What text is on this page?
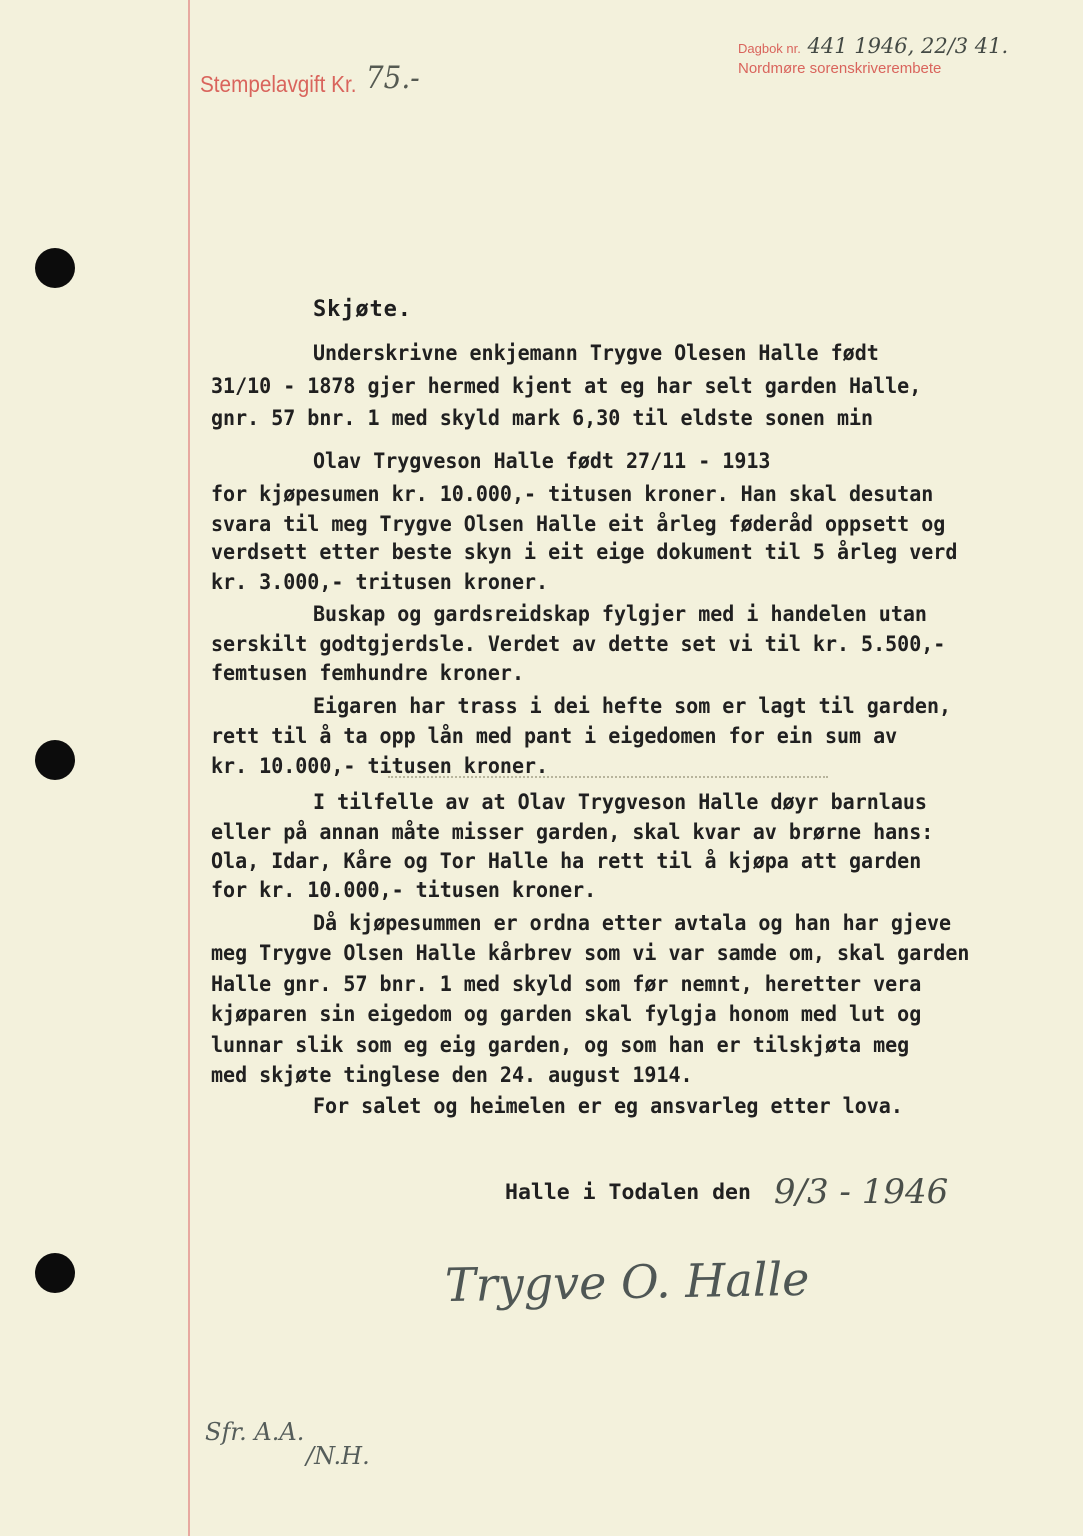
Stempelavgift Kr. 75.-
Dagbok nr. 441 1946, 22/3 41.
Nordmøre sorenskriverembete
Skjøte.
Underskrivne enkjemann Trygve Olesen Halle født
31/10 - 1878 gjer hermed kjent at eg har selt garden Halle,
gnr. 57 bnr. 1 med skyld mark 6,30 til eldste sonen min
Olav Trygveson Halle født 27/11 - 1913
for kjøpesumen kr. 10.000,- titusen kroner. Han skal desutan
svara til meg Trygve Olsen Halle eit årleg føderåd oppsett og
verdsett etter beste skyn i eit eige dokument til 5 årleg verd
kr. 3.000,- tritusen kroner.
Buskap og gardsreidskap fylgjer med i handelen utan
serskilt godtgjerdsle. Verdet av dette set vi til kr. 5.500,-
femtusen femhundre kroner.
Eigaren har trass i dei hefte som er lagt til garden,
rett til å ta opp lån med pant i eigedomen for ein sum av
kr. 10.000,- titusen kroner.
I tilfelle av at Olav Trygveson Halle døyr barnlaus
eller på annan måte misser garden, skal kvar av brørne hans:
Ola, Idar, Kåre og Tor Halle ha rett til å kjøpa att garden
for kr. 10.000,- titusen kroner.
Då kjøpesummen er ordna etter avtala og han har gjeve
meg Trygve Olsen Halle kårbrev som vi var samde om, skal garden
Halle gnr. 57 bnr. 1 med skyld som før nemnt, heretter vera
kjøparen sin eigedom og garden skal fylgja honom med lut og
lunnar slik som eg eig garden, og som han er tilskjøta meg
med skjøte tinglese den 24. august 1914.
For salet og heimelen er eg ansvarleg etter lova.
Halle i Todalen den 9/3 - 1946
Trygve O. Halle
Sfr. A.A.
/N.H.
